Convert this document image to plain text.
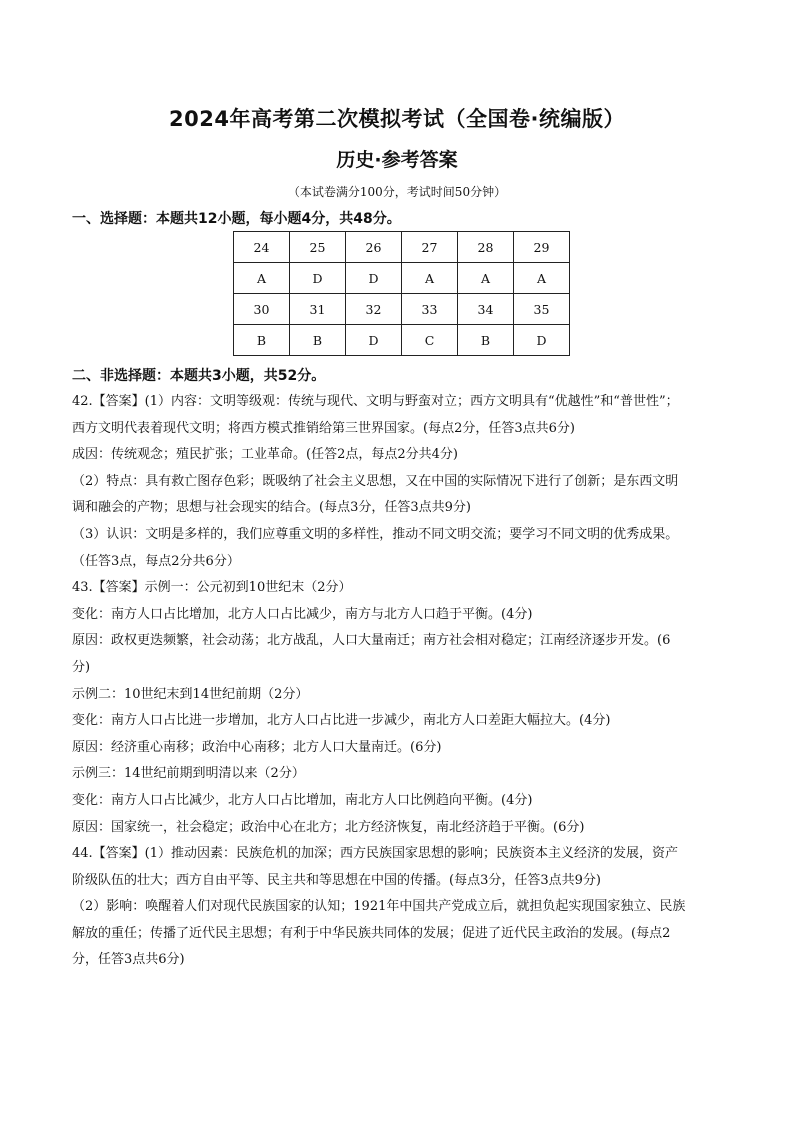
2024年高考第二次模拟考试（全国卷·统编版）
历史·参考答案
（本试卷满分100分，考试时间50分钟）
一、选择题：本题共12小题，每小题4分，共48分。
24	25	26	27	28	29
A	D	D	A	A	A
30	31	32	33	34	35
B	B	D	C	B	D
二、非选择题：本题共3小题，共52分。

42.【答案】(1）内容：文明等级观：传统与现代、文明与野蛮对立；西方文明具有“优越性”和“普世性”；

西方文明代表着现代文明；将西方模式推销给第三世界国家。(每点2分，任答3点共6分)

成因：传统观念；殖民扩张；工业革命。(任答2点，每点2分共4分)

（2）特点：具有救亡图存色彩；既吸纳了社会主义思想，又在中国的实际情况下进行了创新；是东西文明

调和融会的产物；思想与社会现实的结合。(每点3分，任答3点共9分)

（3）认识：文明是多样的，我们应尊重文明的多样性，推动不同文明交流；要学习不同文明的优秀成果。

（任答3点，每点2分共6分）

43.【答案】示例一：公元初到10世纪末（2分）

变化：南方人口占比增加，北方人口占比减少，南方与北方人口趋于平衡。(4分)

原因：政权更迭频繁，社会动荡；北方战乱，人口大量南迁；南方社会相对稳定；江南经济逐步开发。(6

分)

示例二：10世纪末到14世纪前期（2分）

变化：南方人口占比进一步增加，北方人口占比进一步减少，南北方人口差距大幅拉大。(4分)

原因：经济重心南移；政治中心南移；北方人口大量南迁。(6分)

示例三：14世纪前期到明清以来（2分）

变化：南方人口占比减少，北方人口占比增加，南北方人口比例趋向平衡。(4分)

原因：国家统一，社会稳定；政治中心在北方；北方经济恢复，南北经济趋于平衡。(6分)

44.【答案】(1）推动因素：民族危机的加深；西方民族国家思想的影响；民族资本主义经济的发展，资产

阶级队伍的壮大；西方自由平等、民主共和等思想在中国的传播。(每点3分，任答3点共9分)

（2）影响：唤醒着人们对现代民族国家的认知；1921年中国共产党成立后，就担负起实现国家独立、民族

解放的重任；传播了近代民主思想；有利于中华民族共同体的发展；促进了近代民主政治的发展。(每点2

分，任答3点共6分)
